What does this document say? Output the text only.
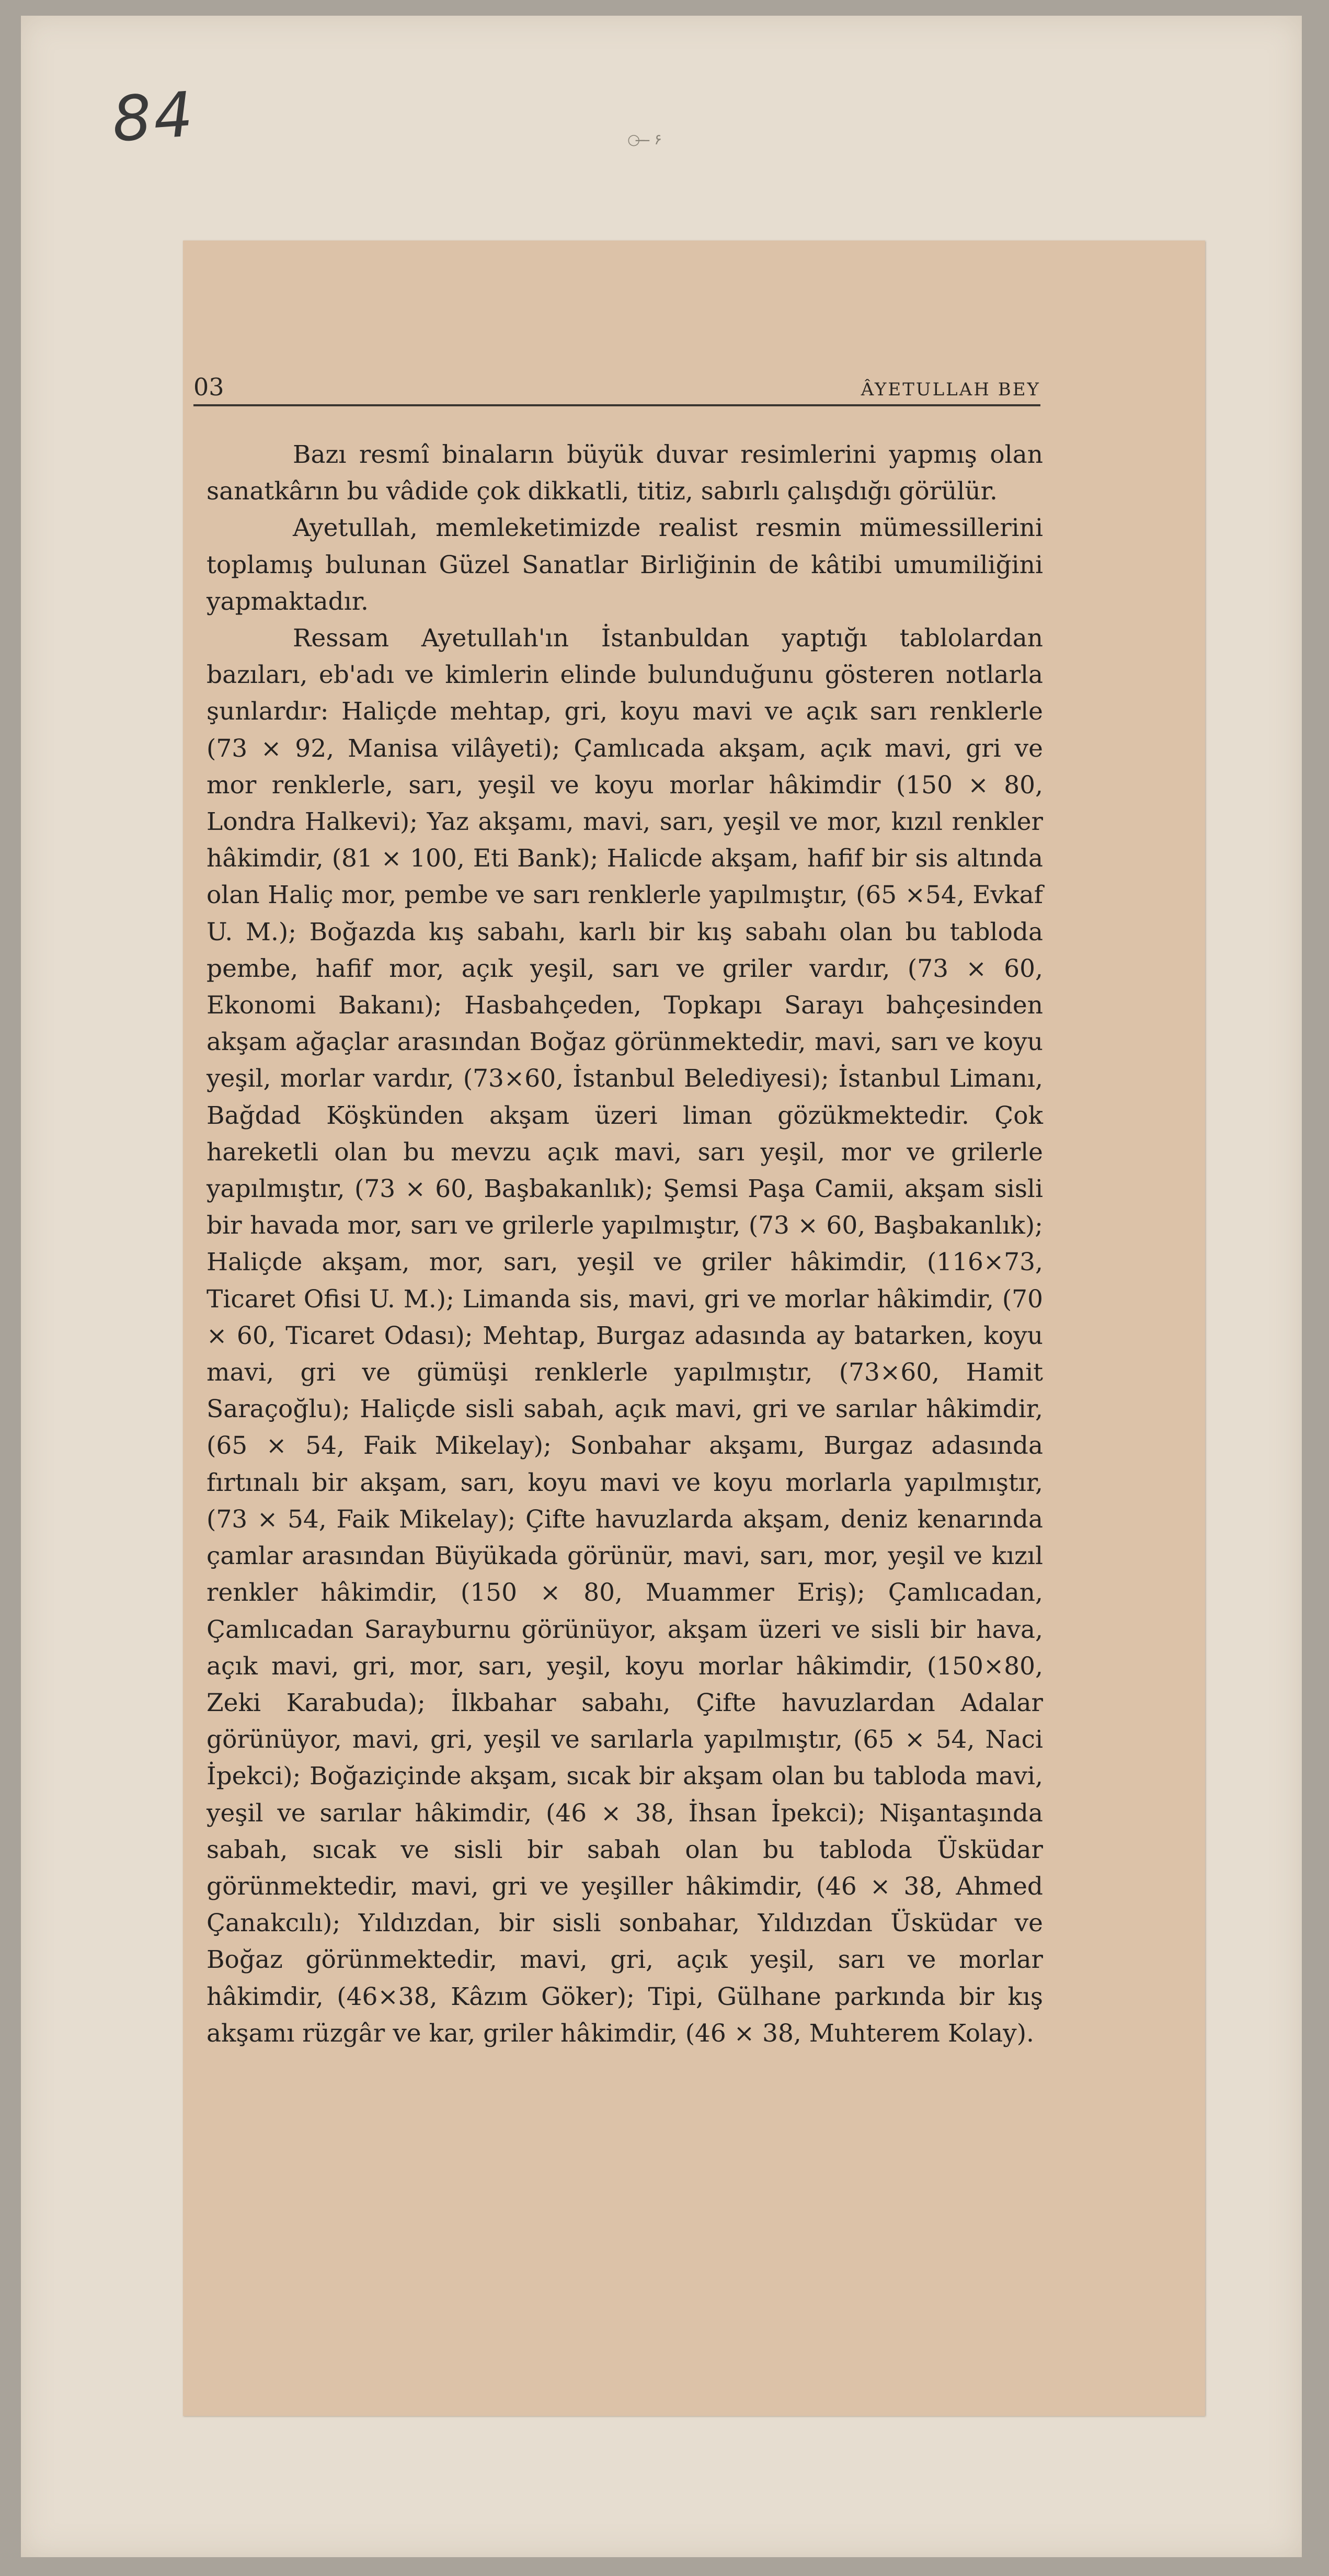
84	○ ̶ ̶ ۶
03	ÂYETULLAH BEY

Bazı resmî binaların büyük duvar resimlerini yapmış olan sanatkârın bu vâdide çok dikkatli, titiz, sabırlı çalışdığı görülür.

Ayetullah, memleketimizde realist resmin mümessillerini toplamış bulunan Güzel Sanatlar Birliğinin de kâtibi umumiliğini yapmaktadır.

Ressam Ayetullah'ın İstanbuldan yaptığı tablolardan bazıları, eb'adı ve kimlerin elinde bulunduğunu gösteren notlarla şunlardır: Haliçde mehtap, gri, koyu mavi ve açık sarı renklerle (73 × 92, Manisa vilâyeti); Çamlıcada akşam, açık mavi, gri ve mor renklerle, sarı, yeşil ve koyu morlar hâkimdir (150 × 80, Londra Halkevi); Yaz akşamı, mavi, sarı, yeşil ve mor, kızıl renkler hâkimdir, (81 × 100, Eti Bank); Halicde akşam, hafif bir sis altında olan Haliç mor, pembe ve sarı renklerle yapılmıştır, (65 ×54, Evkaf U. M.); Boğazda kış sabahı, karlı bir kış sabahı olan bu tabloda pembe, hafif mor, açık yeşil, sarı ve griler vardır, (73 × 60, Ekonomi Bakanı); Hasbahçeden, Topkapı Sarayı bahçesinden akşam ağaçlar arasından Boğaz görünmektedir, mavi, sarı ve koyu yeşil, morlar vardır, (73×60, İstanbul Belediyesi); İstanbul Limanı, Bağdad Köşkünden akşam üzeri liman gözükmektedir. Çok hareketli olan bu mevzu açık mavi, sarı yeşil, mor ve grilerle yapılmıştır, (73 × 60, Başbakanlık); Şemsi Paşa Camii, akşam sisli bir havada mor, sarı ve grilerle yapılmıştır, (73 × 60, Başbakanlık); Haliçde akşam, mor, sarı, yeşil ve griler hâkimdir, (116×73, Ticaret Ofisi U. M.); Limanda sis, mavi, gri ve morlar hâkimdir, (70 × 60, Ticaret Odası); Mehtap, Burgaz adasında ay batarken, koyu mavi, gri ve gümüşi renklerle yapılmıştır, (73×60, Hamit Saraçoğlu); Haliçde sisli sabah, açık mavi, gri ve sarılar hâkimdir, (65 × 54, Faik Mikelay); Sonbahar akşamı, Burgaz adasında fırtınalı bir akşam, sarı, koyu mavi ve koyu morlarla yapılmıştır, (73 × 54, Faik Mikelay); Çifte havuzlarda akşam, deniz kenarında çamlar arasından Büyükada görünür, mavi, sarı, mor, yeşil ve kızıl renkler hâkimdir, (150 × 80, Muammer Eriş); Çamlıcadan, Çamlıcadan Sarayburnu görünüyor, akşam üzeri ve sisli bir hava, açık mavi, gri, mor, sarı, yeşil, koyu morlar hâkimdir, (150×80, Zeki Karabuda); İlkbahar sabahı, Çifte havuzlardan Adalar görünüyor, mavi, gri, yeşil ve sarılarla yapılmıştır, (65 × 54, Naci İpekci); Boğaziçinde akşam, sıcak bir akşam olan bu tabloda mavi, yeşil ve sarılar hâkimdir, (46 × 38, İhsan İpekci); Nişantaşında sabah, sıcak ve sisli bir sabah olan bu tabloda Üsküdar görünmektedir, mavi, gri ve yeşiller hâkimdir, (46 × 38, Ahmed Çanakcılı); Yıldızdan, bir sisli sonbahar, Yıldızdan Üsküdar ve Boğaz görünmektedir, mavi, gri, açık yeşil, sarı ve morlar hâkimdir, (46×38, Kâzım Göker); Tipi, Gülhane parkında bir kış akşamı rüzgâr ve kar, griler hâkimdir, (46 × 38, Muhterem Kolay).
